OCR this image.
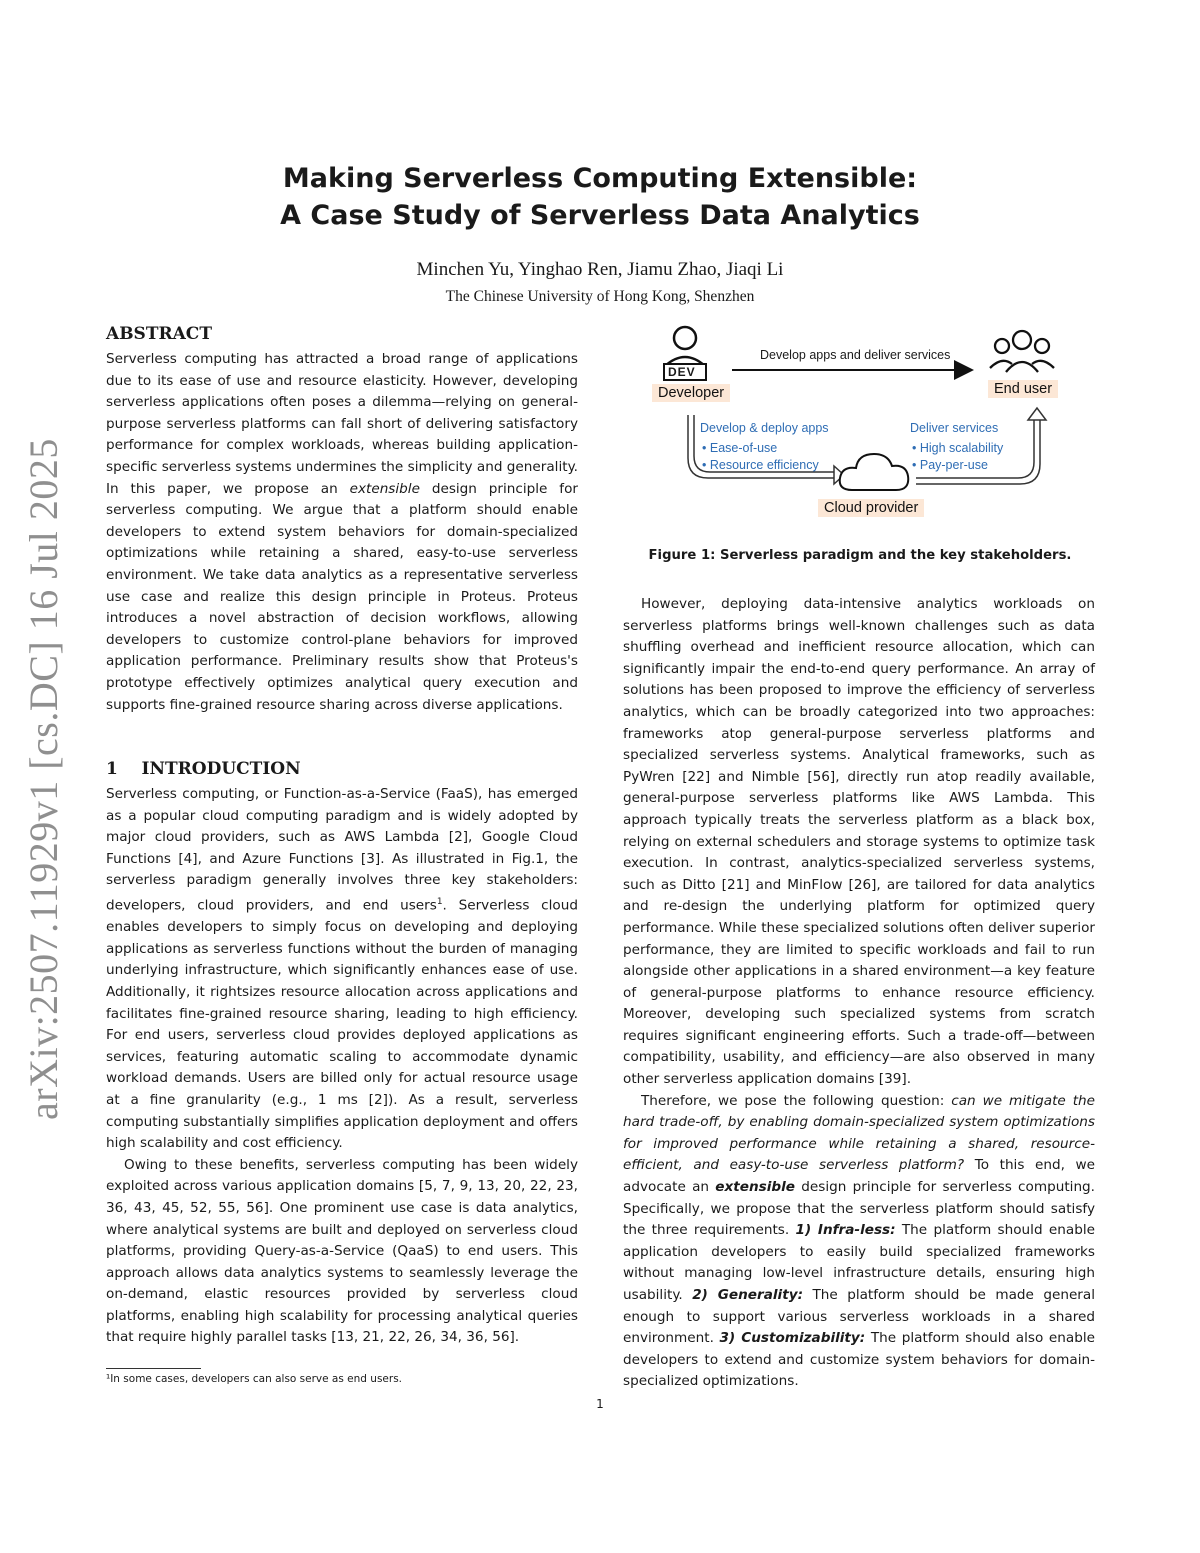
arXiv:2507.11929v1 [cs.DC] 16 Jul 2025
Making Serverless Computing Extensible:
A Case Study of Serverless Data Analytics
Minchen Yu, Yinghao Ren, Jiamu Zhao, Jiaqi Li
The Chinese University of Hong Kong, Shenzhen
ABSTRACT

Serverless computing has attracted a broad range of applications due to its ease of use and resource elasticity. However, developing serverless applications often poses a dilemma—relying on general-purpose serverless platforms can fall short of delivering satisfactory performance for complex workloads, whereas building application-specific serverless systems undermines the simplicity and generality. In this paper, we propose an extensible design principle for serverless computing. We argue that a platform should enable developers to extend system behaviors for domain-specialized optimizations while retaining a shared, easy-to-use serverless environment. We take data analytics as a representative serverless use case and realize this design principle in Proteus. Proteus introduces a novel abstraction of decision workflows, allowing developers to customize control-plane behaviors for improved application performance. Preliminary results show that Proteus's prototype effectively optimizes analytical query execution and supports fine-grained resource sharing across diverse applications.

1    INTRODUCTION

Serverless computing, or Function-as-a-Service (FaaS), has emerged as a popular cloud computing paradigm and is widely adopted by major cloud providers, such as AWS Lambda [2], Google Cloud Functions [4], and Azure Functions [3]. As illustrated in Fig.1, the serverless paradigm generally involves three key stakeholders: developers, cloud providers, and end users$^1$. Serverless cloud enables developers to simply focus on developing and deploying applications as serverless functions without the burden of managing underlying infrastructure, which significantly enhances ease of use. Additionally, it rightsizes resource allocation across applications and facilitates fine-grained resource sharing, leading to high efficiency. For end users, serverless cloud provides deployed applications as services, featuring automatic scaling to accommodate dynamic workload demands. Users are billed only for actual resource usage at a fine granularity (e.g., 1 ms [2]). As a result, serverless computing substantially simplifies application deployment and offers high scalability and cost efficiency.

Owing to these benefits, serverless computing has been widely exploited across various application domains [5, 7, 9, 13, 20, 22, 23, 36, 43, 45, 52, 55, 56]. One prominent use case is data analytics, where analytical systems are built and deployed on serverless cloud platforms, providing Query-as-a-Service (QaaS) to end users. This approach allows data analytics systems to seamlessly leverage the on-demand, elastic resources provided by serverless cloud platforms, enabling high scalability for processing analytical queries that require highly parallel tasks [13, 21, 22, 26, 34, 36, 56].

¹In some cases, developers can also serve as end users.
DEV
Developer
Develop apps and deliver services
End user
Develop & deploy apps
• Ease-of-use
• Resource efficiency
Deliver services
• High scalability
• Pay-per-use
Cloud provider
Figure 1: Serverless paradigm and the key stakeholders.

However, deploying data-intensive analytics workloads on serverless platforms brings well-known challenges such as data shuffling overhead and inefficient resource allocation, which can significantly impair the end-to-end query performance. An array of solutions has been proposed to improve the efficiency of serverless analytics, which can be broadly categorized into two approaches: frameworks atop general-purpose serverless platforms and specialized serverless systems. Analytical frameworks, such as PyWren [22] and Nimble [56], directly run atop readily available, general-purpose serverless platforms like AWS Lambda. This approach typically treats the serverless platform as a black box, relying on external schedulers and storage systems to optimize task execution. In contrast, analytics-specialized serverless systems, such as Ditto [21] and MinFlow [26], are tailored for data analytics and re-design the underlying platform for optimized query performance. While these specialized solutions often deliver superior performance, they are limited to specific workloads and fail to run alongside other applications in a shared environment—a key feature of general-purpose platforms to enhance resource efficiency. Moreover, developing such specialized systems from scratch requires significant engineering efforts. Such a trade-off—between compatibility, usability, and efficiency—are also observed in many other serverless application domains [39].

Therefore, we pose the following question: can we mitigate the hard trade-off, by enabling domain-specialized system optimizations for improved performance while retaining a shared, resource-efficient, and easy-to-use serverless platform? To this end, we advocate an extensible design principle for serverless computing. Specifically, we propose that the serverless platform should satisfy the three requirements. 1) Infra-less: The platform should enable application developers to easily build specialized frameworks without managing low-level infrastructure details, ensuring high usability. 2) Generality: The platform should be made general enough to support various serverless workloads in a shared environment. 3) Customizability: The platform should also enable developers to extend and customize system behaviors for domain-specialized optimizations.

1
